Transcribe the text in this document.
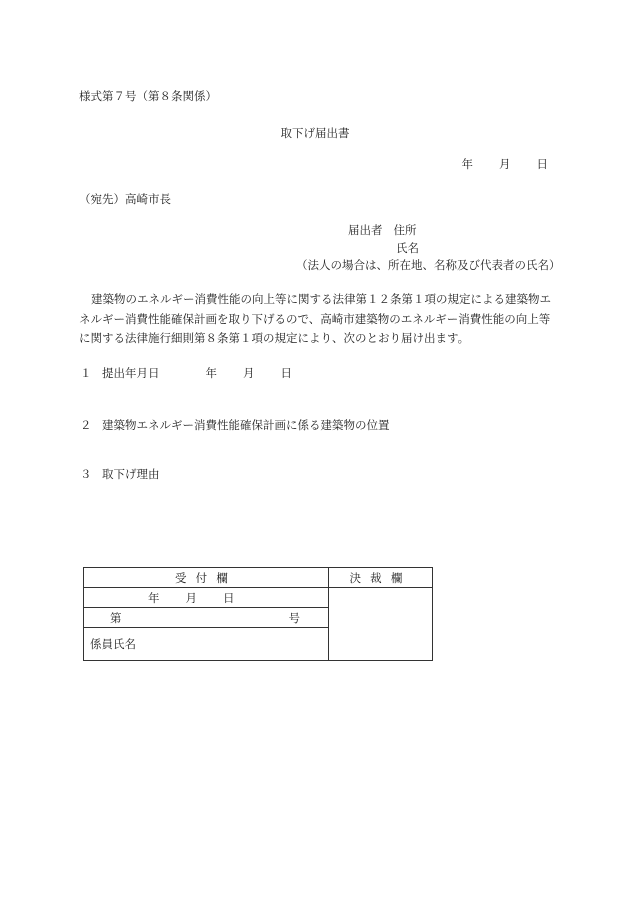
様式第７号（第８条関係）
取下げ届出書
年 月 日
（宛先）高崎市長
届出者 住所
氏名
（法人の場合は、所在地、名称及び代表者の氏名）
建築物のエネルギー消費性能の向上等に関する法律第１２条第１項の規定による建築物エネルギー消費性能確保計画を取り下げるので、高崎市建築物のエネルギー消費性能の向上等に関する法律施行細則第８条第１項の規定により、次のとおり届け出ます。
１ 提出年月日	年 月 日
２ 建築物エネルギー消費性能確保計画に係る建築物の位置
３ 取下げ理由
受付欄	決裁欄
年 月 日	
第 号	

係員氏名	
